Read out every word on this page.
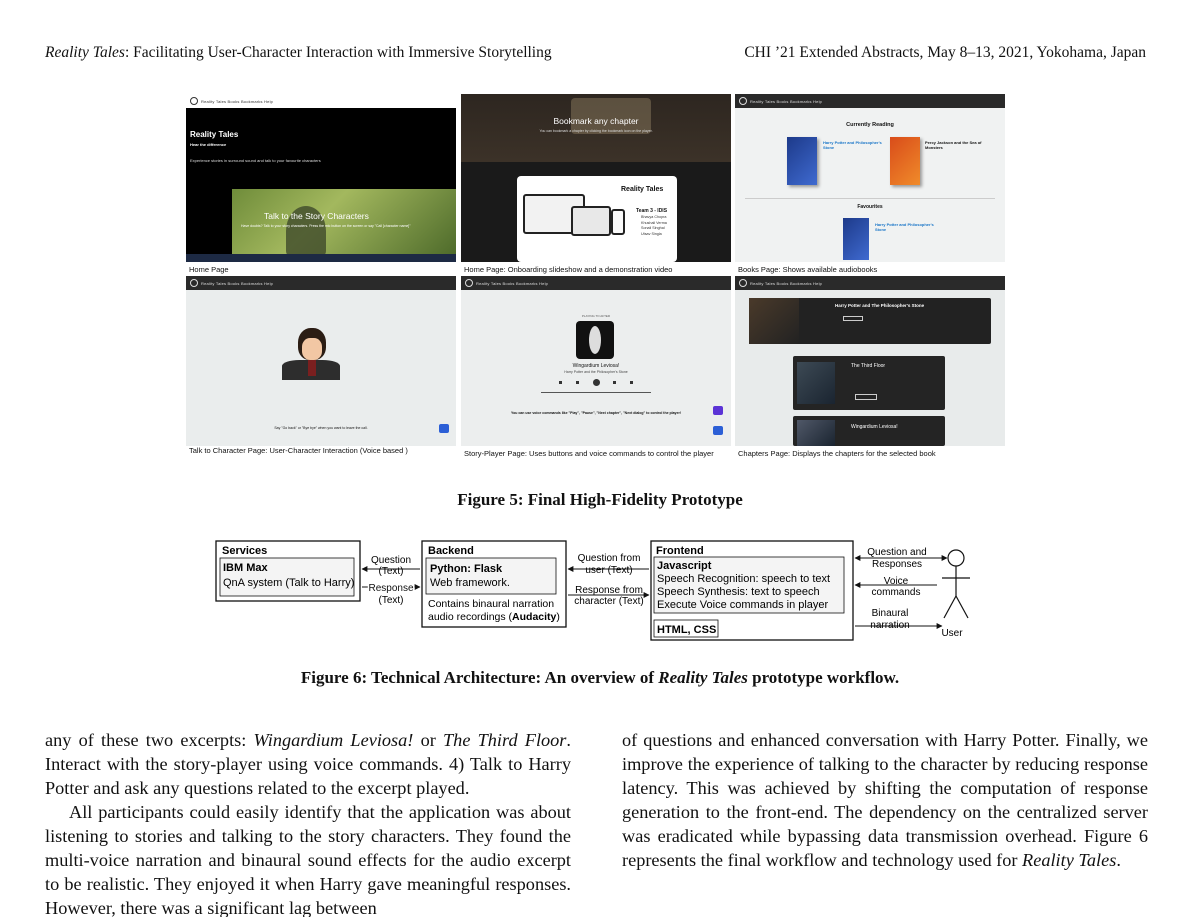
Reality Tales: Facilitating User-Character Interaction with Immersive Storytelling	CHI ’21 Extended Abstracts, May 8–13, 2021, Yokohama, Japan
Reality Tales Books Bookmarks Help
Reality Tales
Hear the difference
Experience stories in surround sound and talk to your favourite characters
Talk to the Story Characters
Have doubts? Talk to your story characters. Press the mic button on the screen or say "Call [character name]"
Home Page
Bookmark any chapter
You can bookmark a chapter by clicking the bookmark icon on the player.
Reality Tales
Team 3 - IDIS
Bhavya Chopra
Khushali Verma
Sonali Singhal
Utsav Singla
Home Page: Onboarding slideshow and a demonstration video
Reality Tales Books Bookmarks Help
Currently Reading
Harry Potter and Philosopher's Stone
Percy Jackson and the Sea of Monsters
Favourites
Harry Potter and Philosopher's Stone
Books Page: Shows available audiobooks
Reality Tales Books Bookmarks Help
Say "Go back" or "Bye bye" when you want to leave the call.
Talk to Character Page: User-Character Interaction (Voice based )
Reality Tales Books Bookmarks Help
PLAYING TO AFTER
Wingardium Leviosa!
Harry Potter and the Philosopher's Stone
You can use voice commands like "Play", "Pause", "Next chapter", "Next dialog" to control the player!
Story-Player Page: Uses buttons and voice commands to control the player
Reality Tales Books Bookmarks Help
Harry Potter and The Philosopher's Stone
The Third Floor
Wingardium Leviosa!
Chapters Page: Displays the chapters for the selected book
Figure 5: Final High-Fidelity Prototype
Services
IBM Max
QnA system (Talk to Harry)
Backend
Python: Flask
Web framework.
Contains binaural narration
audio recordings (Audacity)
Frontend
Javascript
Speech Recognition: speech to text
Speech Synthesis: text to speech
Execute Voice commands in player
HTML, CSS
Question
(Text)
Response
(Text)
Question from
user (Text)
Response from
character (Text)
Question and
Responses
Voice
commands
Binaural
narration
User
Figure 6: Technical Architecture: An overview of Reality Tales prototype workflow.

any of these two excerpts: Wingardium Leviosa! or The Third Floor. Interact with the story-player using voice commands. 4) Talk to Harry Potter and ask any questions related to the excerpt played.

All participants could easily identify that the application was about listening to stories and talking to the story characters. They found the multi-voice narration and binaural sound effects for the audio excerpt to be realistic. They enjoyed it when Harry gave meaningful responses. However, there was a significant lag between

of questions and enhanced conversation with Harry Potter. Finally, we improve the experience of talking to the character by reducing response latency. This was achieved by shifting the computation of response generation to the front-end. The dependency on the centralized server was eradicated while bypassing data transmission overhead. Figure 6 represents the final workflow and technology used for Reality Tales.
